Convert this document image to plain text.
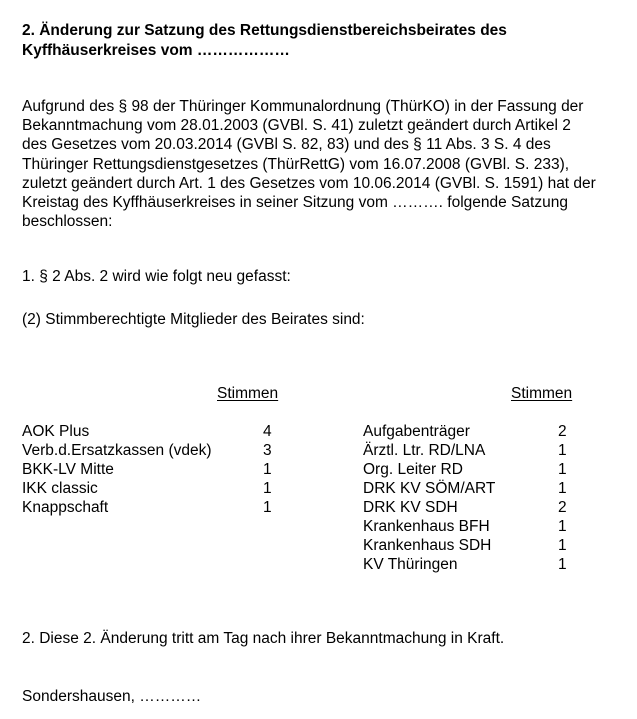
2. Änderung zur Satzung des Rettungsdienstbereichsbeirates des
Kyffhäuserkreises vom ………………
Aufgrund des § 98 der Thüringer Kommunalordnung (ThürKO) in der Fassung der
Bekanntmachung vom 28.01.2003 (GVBl. S. 41) zuletzt geändert durch Artikel 2
des Gesetzes vom 20.03.2014 (GVBl S. 82, 83) und des § 11 Abs. 3 S. 4 des
Thüringer Rettungsdienstgesetzes (ThürRettG) vom 16.07.2008 (GVBl. S. 233),
zuletzt geändert durch Art. 1 des Gesetzes vom 10.06.2014 (GVBl. S. 1591) hat der
Kreistag des Kyffhäuserkreises in seiner Sitzung vom ………. folgende Satzung
beschlossen:
1. § 2 Abs. 2 wird wie folgt neu gefasst:
(2) Stimmberechtigte Mitglieder des Beirates sind:
Stimmen	Stimmen
AOK Plus	4
Verb.d.Ersatzkassen (vdek)	3
BKK-LV Mitte	1
IKK classic	1
Knappschaft	1
Aufgabenträger	2
Ärztl. Ltr. RD/LNA	1
Org. Leiter RD	1
DRK KV SÖM/ART	1
DRK KV SDH	2
Krankenhaus BFH	1
Krankenhaus SDH	1
KV Thüringen	1
2. Diese 2. Änderung tritt am Tag nach ihrer Bekanntmachung in Kraft.
Sondershausen, …………
